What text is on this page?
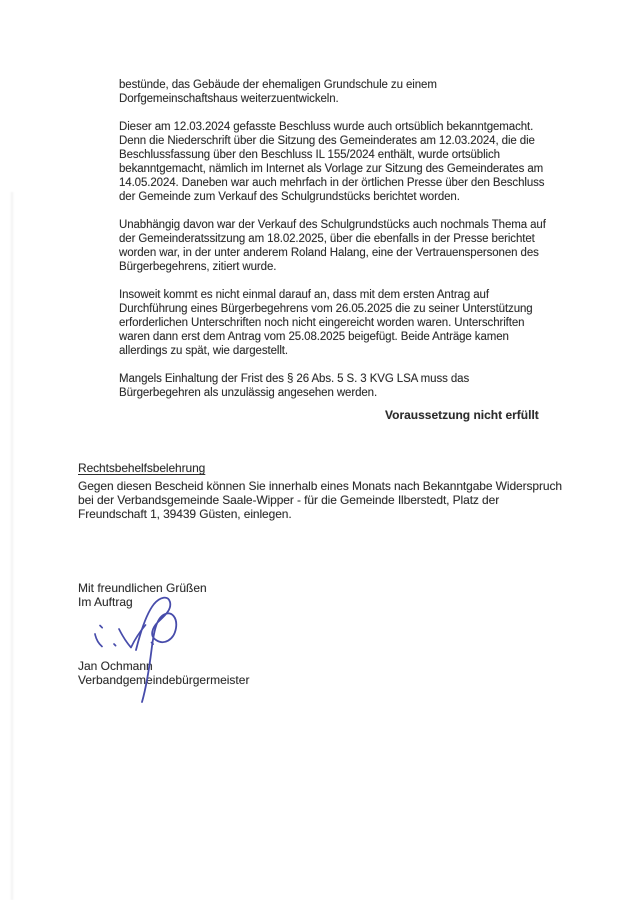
bestünde, das Gebäude der ehemaligen Grundschule zu einem
Dorfgemeinschaftshaus weiterzuentwickeln.

Dieser am 12.03.2024 gefasste Beschluss wurde auch ortsüblich bekanntgemacht.
Denn die Niederschrift über die Sitzung des Gemeinderates am 12.03.2024, die die
Beschlussfassung über den Beschluss IL 155/2024 enthält, wurde ortsüblich
bekanntgemacht, nämlich im Internet als Vorlage zur Sitzung des Gemeinderates am
14.05.2024. Daneben war auch mehrfach in der örtlichen Presse über den Beschluss
der Gemeinde zum Verkauf des Schulgrundstücks berichtet worden.

Unabhängig davon war der Verkauf des Schulgrundstücks auch nochmals Thema auf
der Gemeinderatssitzung am 18.02.2025, über die ebenfalls in der Presse berichtet
worden war, in der unter anderem Roland Halang, eine der Vertrauenspersonen des
Bürgerbegehrens, zitiert wurde.

Insoweit kommt es nicht einmal darauf an, dass mit dem ersten Antrag auf
Durchführung eines Bürgerbegehrens vom 26.05.2025 die zu seiner Unterstützung
erforderlichen Unterschriften noch nicht eingereicht worden waren. Unterschriften
waren dann erst dem Antrag vom 25.08.2025 beigefügt. Beide Anträge kamen
allerdings zu spät, wie dargestellt.

Mangels Einhaltung der Frist des § 26 Abs. 5 S. 3 KVG LSA muss das
Bürgerbegehren als unzulässig angesehen werden.

Voraussetzung nicht erfüllt
Rechtsbehelfsbelehrung
Gegen diesen Bescheid können Sie innerhalb eines Monats nach Bekanntgabe Widerspruch
bei der Verbandsgemeinde Saale-Wipper - für die Gemeinde Ilberstedt, Platz der
Freundschaft 1, 39439 Güsten, einlegen.
Mit freundlichen Grüßen
Im Auftrag
Jan Ochmann
Verbandgemeindebürgermeister
